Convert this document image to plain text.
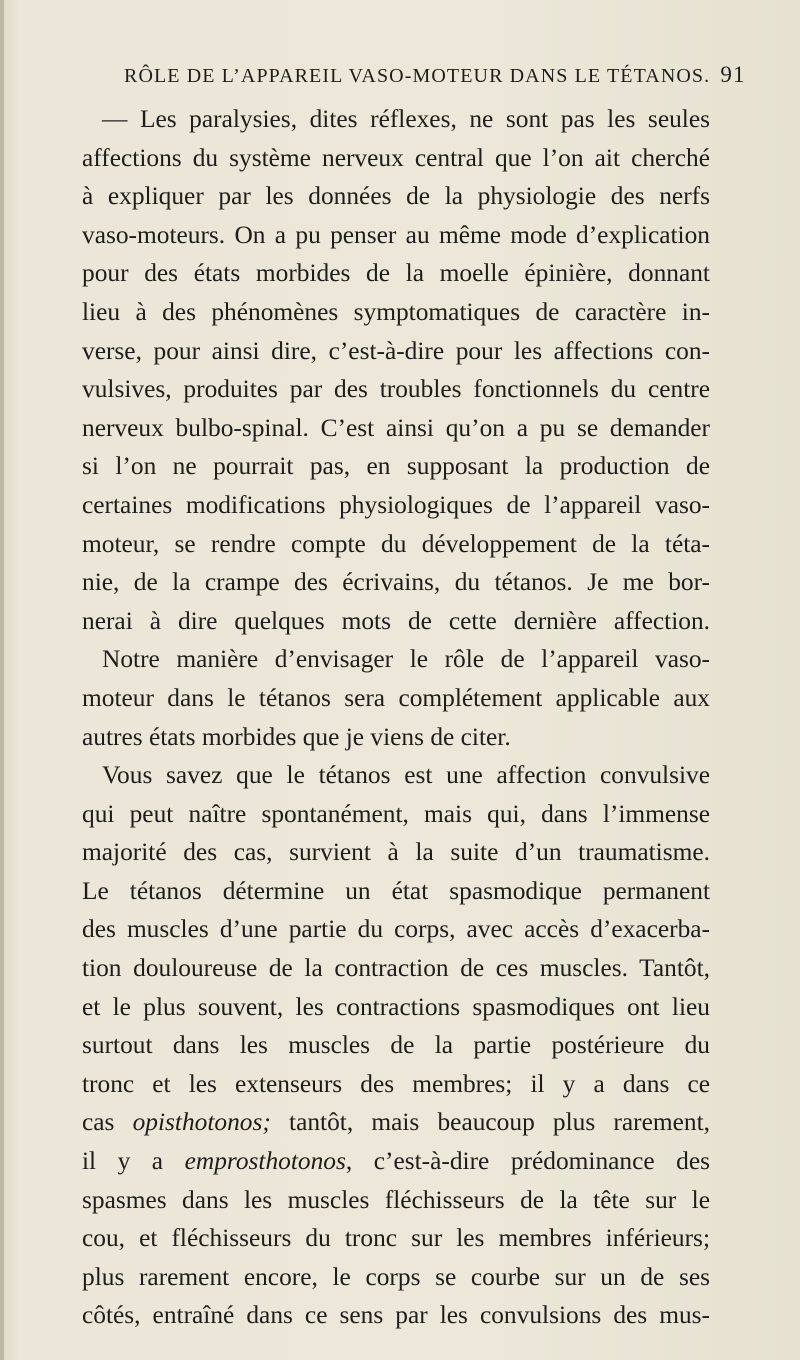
RÔLE DE L’APPAREIL VASO-MOTEUR DANS LE TÉTANOS. 91
— Les paralysies, dites réflexes, ne sont pas les seules
affections du système nerveux central que l’on ait cherché
à expliquer par les données de la physiologie des nerfs
vaso-moteurs. On a pu penser au même mode d’explication
pour des états morbides de la moelle épinière, donnant
lieu à des phénomènes symptomatiques de caractère in-
verse, pour ainsi dire, c’est-à-dire pour les affections con-
vulsives, produites par des troubles fonctionnels du centre
nerveux bulbo-spinal. C’est ainsi qu’on a pu se demander
si l’on ne pourrait pas, en supposant la production de
certaines modifications physiologiques de l’appareil vaso-
moteur, se rendre compte du développement de la téta-
nie, de la crampe des écrivains, du tétanos. Je me bor-
nerai à dire quelques mots de cette dernière affection.
Notre manière d’envisager le rôle de l’appareil vaso-
moteur dans le tétanos sera complétement applicable aux
autres états morbides que je viens de citer.
Vous savez que le tétanos est une affection convulsive
qui peut naître spontanément, mais qui, dans l’immense
majorité des cas, survient à la suite d’un traumatisme.
Le tétanos détermine un état spasmodique permanent
des muscles d’une partie du corps, avec accès d’exacerba-
tion douloureuse de la contraction de ces muscles. Tantôt,
et le plus souvent, les contractions spasmodiques ont lieu
surtout dans les muscles de la partie postérieure du
tronc et les extenseurs des membres; il y a dans ce
cas opisthotonos; tantôt, mais beaucoup plus rarement,
il y a emprosthotonos, c’est-à-dire prédominance des
spasmes dans les muscles fléchisseurs de la tête sur le
cou, et fléchisseurs du tronc sur les membres inférieurs;
plus rarement encore, le corps se courbe sur un de ses
côtés, entraîné dans ce sens par les convulsions des mus-
